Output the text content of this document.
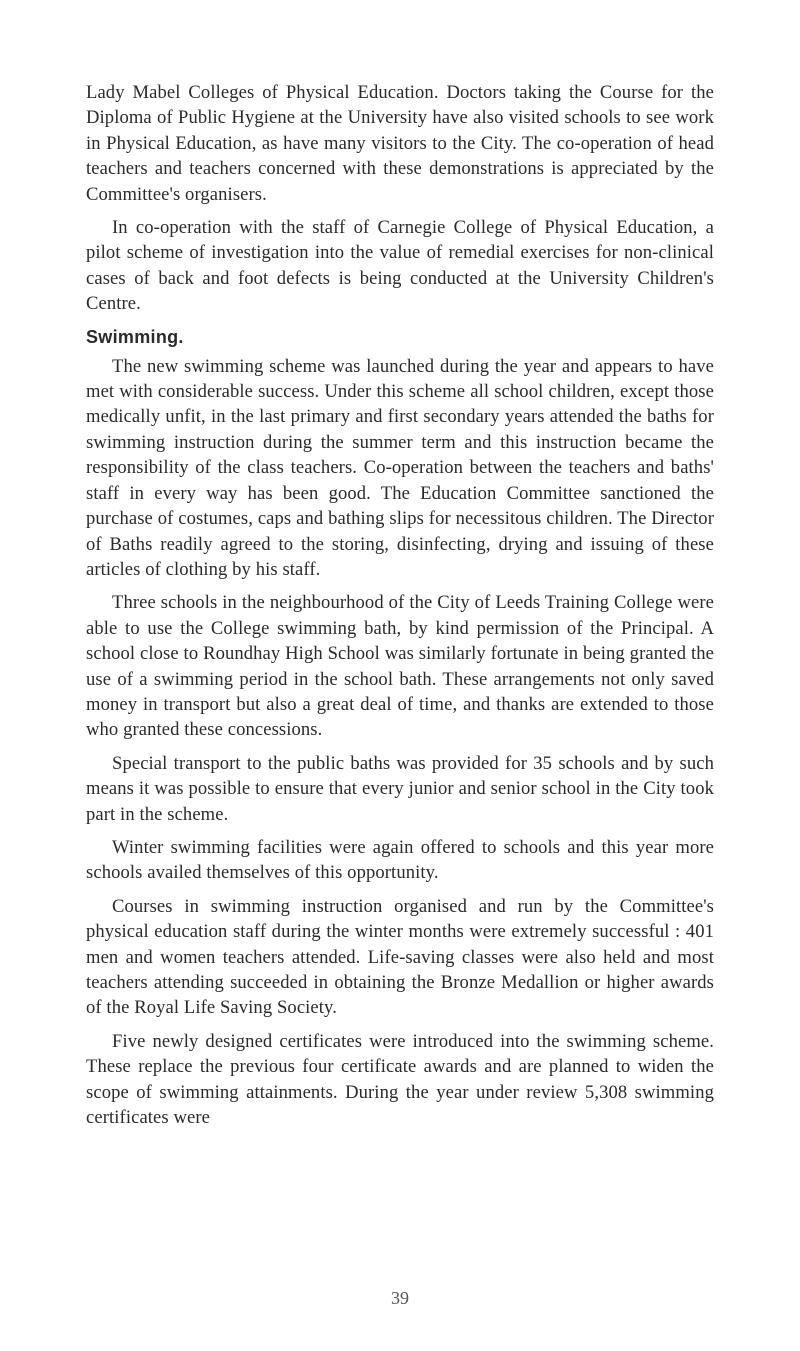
Lady Mabel Colleges of Physical Education. Doctors taking the Course for the Diploma of Public Hygiene at the University have also visited schools to see work in Physical Education, as have many visitors to the City. The co-operation of head teachers and teachers concerned with these demonstrations is appreciated by the Committee's organisers.

In co-operation with the staff of Carnegie College of Physical Education, a pilot scheme of investigation into the value of remedial exercises for non-clinical cases of back and foot defects is being conducted at the University Children's Centre.

Swimming.

The new swimming scheme was launched during the year and appears to have met with considerable success. Under this scheme all school children, except those medically unfit, in the last primary and first secondary years attended the baths for swimming instruction during the summer term and this instruction became the responsibility of the class teachers. Co-operation between the teachers and baths' staff in every way has been good. The Education Committee sanctioned the purchase of costumes, caps and bathing slips for necessitous children. The Director of Baths readily agreed to the storing, disinfecting, drying and issuing of these articles of clothing by his staff.

Three schools in the neighbourhood of the City of Leeds Training College were able to use the College swimming bath, by kind permission of the Principal. A school close to Roundhay High School was similarly fortunate in being granted the use of a swimming period in the school bath. These arrangements not only saved money in transport but also a great deal of time, and thanks are extended to those who granted these concessions.

Special transport to the public baths was provided for 35 schools and by such means it was possible to ensure that every junior and senior school in the City took part in the scheme.

Winter swimming facilities were again offered to schools and this year more schools availed themselves of this opportunity.

Courses in swimming instruction organised and run by the Committee's physical education staff during the winter months were extremely successful : 401 men and women teachers attended. Life-saving classes were also held and most teachers attending succeeded in obtaining the Bronze Medallion or higher awards of the Royal Life Saving Society.

Five newly designed certificates were introduced into the swimming scheme. These replace the previous four certificate awards and are planned to widen the scope of swimming attainments. During the year under review 5,308 swimming certificates were

39
